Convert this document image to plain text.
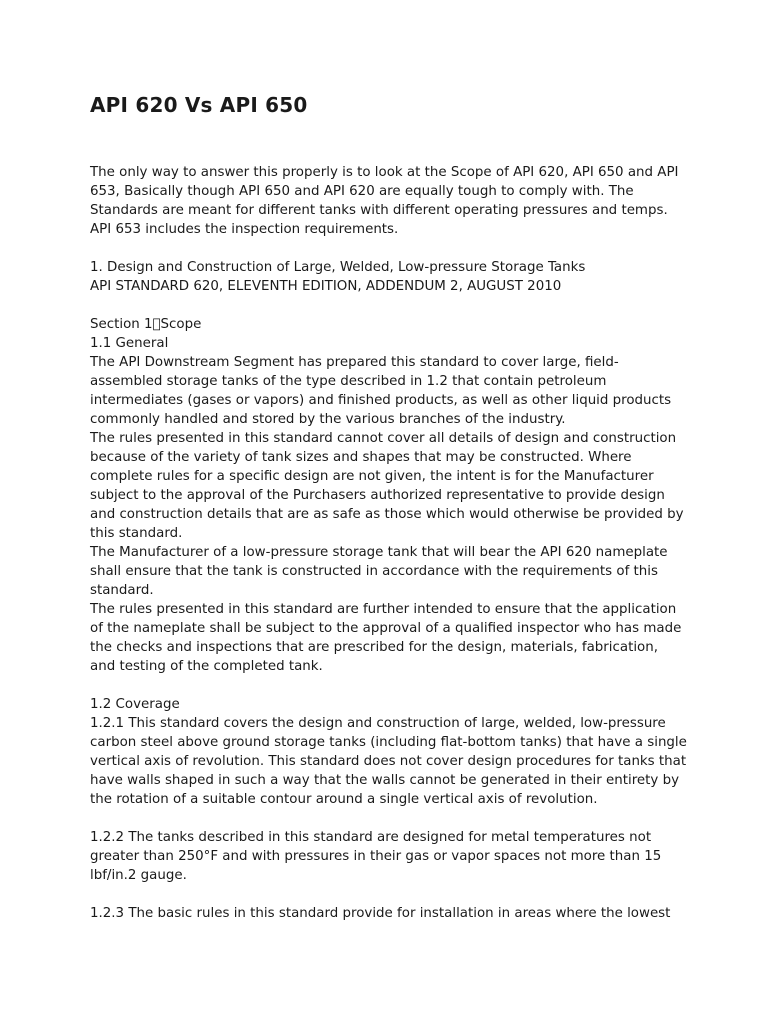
API 620 Vs API 650
The only way to answer this properly is to look at the Scope of API 620, API 650 and API
653, Basically though API 650 and API 620 are equally tough to comply with. The
Standards are meant for different tanks with different operating pressures and temps.
API 653 includes the inspection requirements.
1. Design and Construction of Large, Welded, Low-pressure Storage Tanks
API STANDARD 620, ELEVENTH EDITION, ADDENDUM 2, AUGUST 2010
Section 1 Scope
1.1 General
The API Downstream Segment has prepared this standard to cover large, field-
assembled storage tanks of the type described in 1.2 that contain petroleum
intermediates (gases or vapors) and finished products, as well as other liquid products
commonly handled and stored by the various branches of the industry.
The rules presented in this standard cannot cover all details of design and construction
because of the variety of tank sizes and shapes that may be constructed. Where
complete rules for a specific design are not given, the intent is for the Manufacturer
subject to the approval of the Purchasers authorized representative to provide design
and construction details that are as safe as those which would otherwise be provided by
this standard.
The Manufacturer of a low-pressure storage tank that will bear the API 620 nameplate
shall ensure that the tank is constructed in accordance with the requirements of this
standard.
The rules presented in this standard are further intended to ensure that the application
of the nameplate shall be subject to the approval of a qualified inspector who has made
the checks and inspections that are prescribed for the design, materials, fabrication,
and testing of the completed tank.
1.2 Coverage
1.2.1 This standard covers the design and construction of large, welded, low-pressure
carbon steel above ground storage tanks (including flat-bottom tanks) that have a single
vertical axis of revolution. This standard does not cover design procedures for tanks that
have walls shaped in such a way that the walls cannot be generated in their entirety by
the rotation of a suitable contour around a single vertical axis of revolution.
1.2.2 The tanks described in this standard are designed for metal temperatures not
greater than 250°F and with pressures in their gas or vapor spaces not more than 15
lbf/in.2 gauge.
1.2.3 The basic rules in this standard provide for installation in areas where the lowest
